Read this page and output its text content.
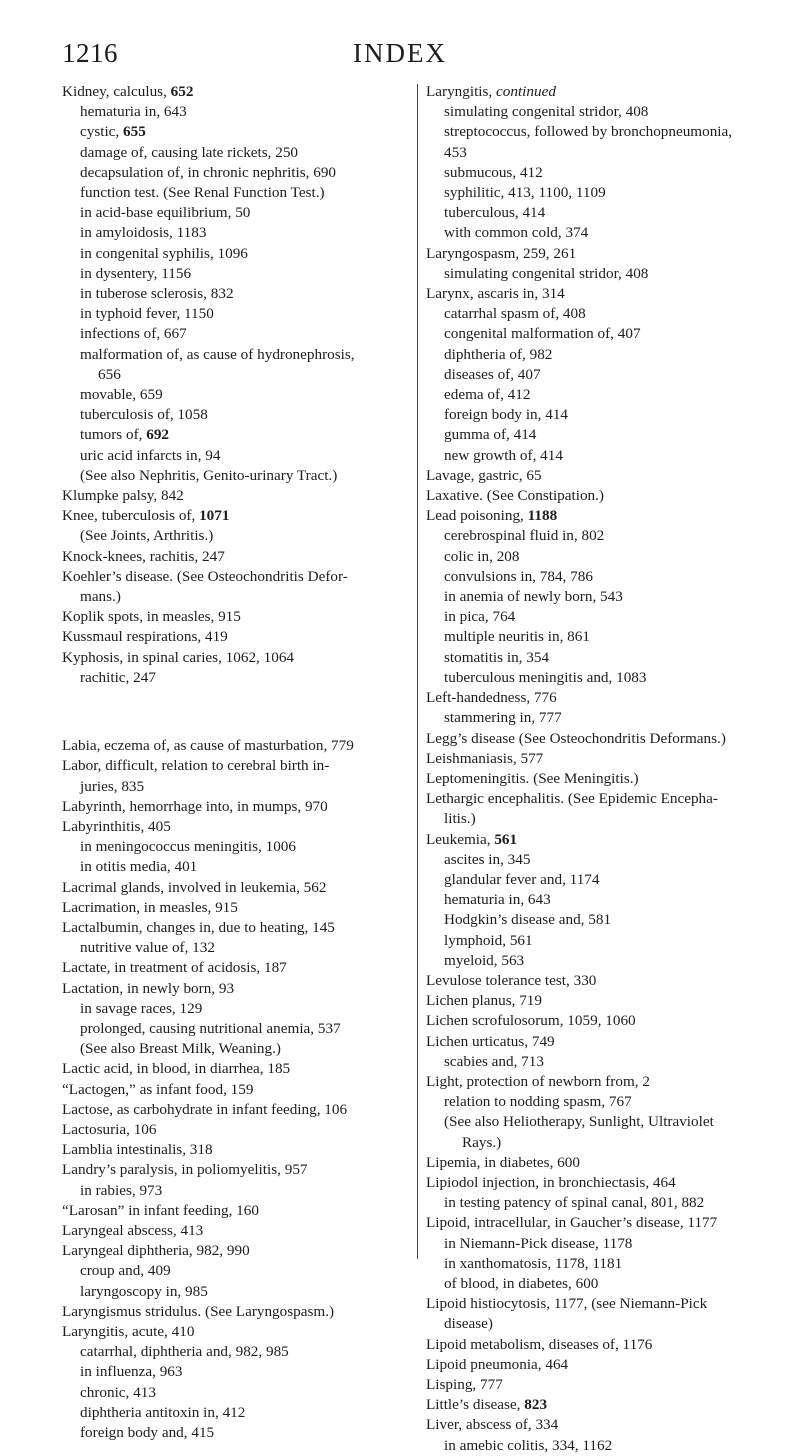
1216	INDEX
Kidney, calculus, 652
hematuria in, 643
cystic, 655
damage of, causing late rickets, 250
decapsulation of, in chronic nephritis, 690
function test. (See Renal Function Test.)
in acid-base equilibrium, 50
in amyloidosis, 1183
in congenital syphilis, 1096
in dysentery, 1156
in tuberose sclerosis, 832
in typhoid fever, 1150
infections of, 667
malformation of, as cause of hydronephrosis,
656
movable, 659
tuberculosis of, 1058
tumors of, 692
uric acid infarcts in, 94
(See also Nephritis, Genito-urinary Tract.)
Klumpke palsy, 842
Knee, tuberculosis of, 1071
(See Joints, Arthritis.)
Knock-knees, rachitis, 247
Koehler’s disease. (See Osteochondritis Defor-
mans.)
Koplik spots, in measles, 915
Kussmaul respirations, 419
Kyphosis, in spinal caries, 1062, 1064
rachitic, 247
Labia, eczema of, as cause of masturbation, 779
Labor, difficult, relation to cerebral birth in-
juries, 835
Labyrinth, hemorrhage into, in mumps, 970
Labyrinthitis, 405
in meningococcus meningitis, 1006
in otitis media, 401
Lacrimal glands, involved in leukemia, 562
Lacrimation, in measles, 915
Lactalbumin, changes in, due to heating, 145
nutritive value of, 132
Lactate, in treatment of acidosis, 187
Lactation, in newly born, 93
in savage races, 129
prolonged, causing nutritional anemia, 537
(See also Breast Milk, Weaning.)
Lactic acid, in blood, in diarrhea, 185
“Lactogen,” as infant food, 159
Lactose, as carbohydrate in infant feeding, 106
Lactosuria, 106
Lamblia intestinalis, 318
Landry’s paralysis, in poliomyelitis, 957
in rabies, 973
“Larosan” in infant feeding, 160
Laryngeal abscess, 413
Laryngeal diphtheria, 982, 990
croup and, 409
laryngoscopy in, 985
Laryngismus stridulus. (See Laryngospasm.)
Laryngitis, acute, 410
catarrhal, diphtheria and, 982, 985
in influenza, 963
chronic, 413
diphtheria antitoxin in, 412
foreign body and, 415
Laryngitis, continued
simulating congenital stridor, 408
streptococcus, followed by bronchopneumonia,
453
submucous, 412
syphilitic, 413, 1100, 1109
tuberculous, 414
with common cold, 374
Laryngospasm, 259, 261
simulating congenital stridor, 408
Larynx, ascaris in, 314
catarrhal spasm of, 408
congenital malformation of, 407
diphtheria of, 982
diseases of, 407
edema of, 412
foreign body in, 414
gumma of, 414
new growth of, 414
Lavage, gastric, 65
Laxative. (See Constipation.)
Lead poisoning, 1188
cerebrospinal fluid in, 802
colic in, 208
convulsions in, 784, 786
in anemia of newly born, 543
in pica, 764
multiple neuritis in, 861
stomatitis in, 354
tuberculous meningitis and, 1083
Left-handedness, 776
stammering in, 777
Legg’s disease (See Osteochondritis Deformans.)
Leishmaniasis, 577
Leptomeningitis. (See Meningitis.)
Lethargic encephalitis. (See Epidemic Encepha-
litis.)
Leukemia, 561
ascites in, 345
glandular fever and, 1174
hematuria in, 643
Hodgkin’s disease and, 581
lymphoid, 561
myeloid, 563
Levulose tolerance test, 330
Lichen planus, 719
Lichen scrofulosorum, 1059, 1060
Lichen urticatus, 749
scabies and, 713
Light, protection of newborn from, 2
relation to nodding spasm, 767
(See also Heliotherapy, Sunlight, Ultraviolet
Rays.)
Lipemia, in diabetes, 600
Lipiodol injection, in bronchiectasis, 464
in testing patency of spinal canal, 801, 882
Lipoid, intracellular, in Gaucher’s disease, 1177
in Niemann-Pick disease, 1178
in xanthomatosis, 1178, 1181
of blood, in diabetes, 600
Lipoid histiocytosis, 1177, (see Niemann-Pick
disease)
Lipoid metabolism, diseases of, 1176
Lipoid pneumonia, 464
Lisping, 777
Little’s disease, 823
Liver, abscess of, 334
in amebic colitis, 334, 1162
